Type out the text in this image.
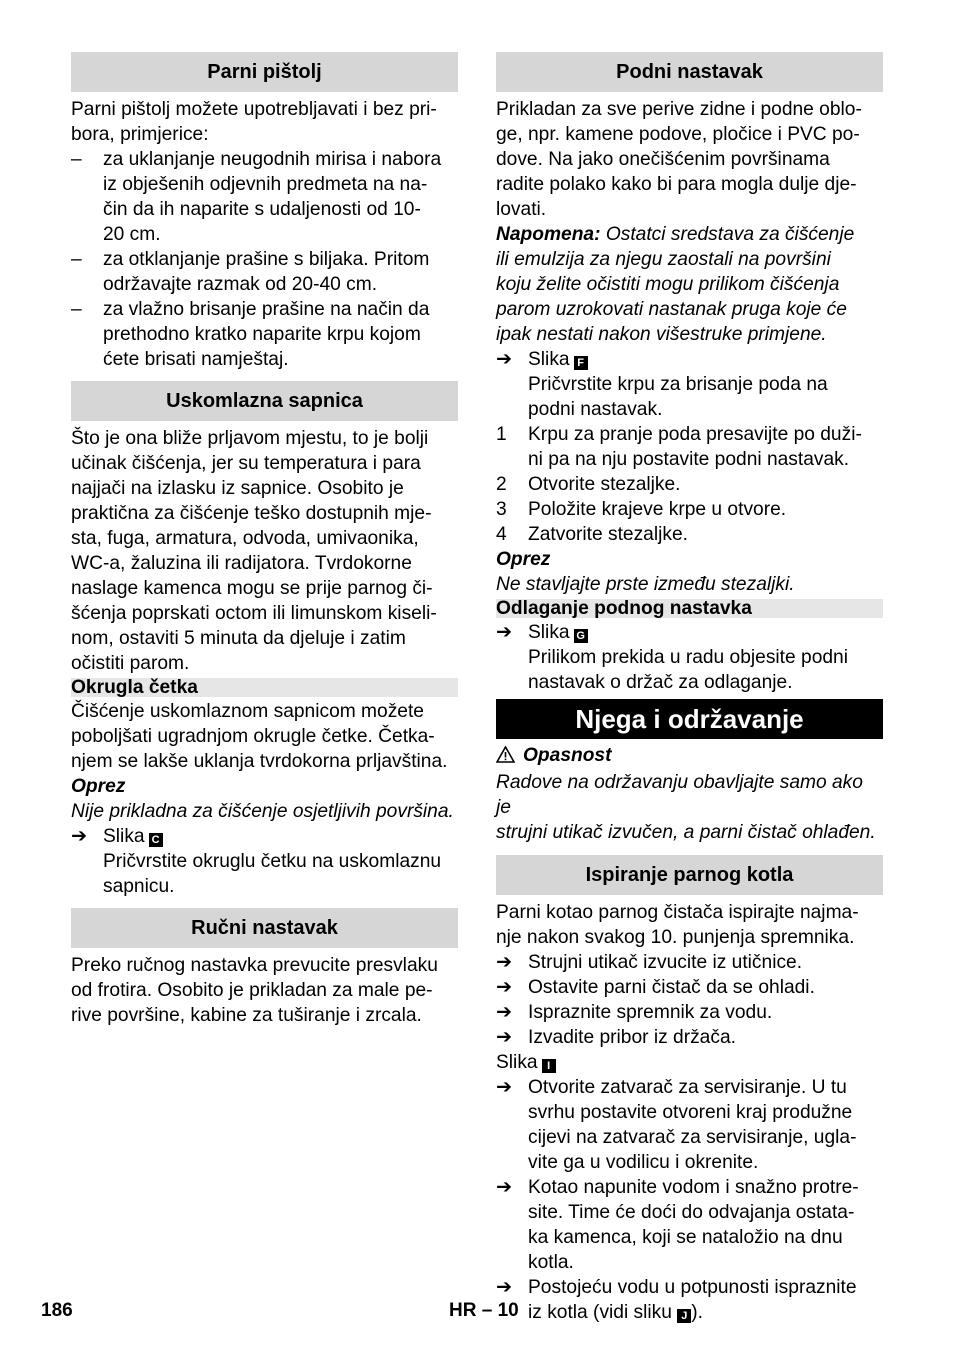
Parni pištolj

Parni pištolj možete upotrebljavati i bez pri-

bora, primjerice:

–	za uklanjanje neugodnih mirisa i nabora

iz obješenih odjevnih predmeta na na-

čin da ih naparite s udaljenosti od 10-

20 cm.

–	za otklanjanje prašine s biljaka. Pritom

održavajte razmak od 20-40 cm.

–	za vlažno brisanje prašine na način da

prethodno kratko naparite krpu kojom

ćete brisati namještaj.

Uskomlazna sapnica

Što je ona bliže prljavom mjestu, to je bolji

učinak čišćenja, jer su temperatura i para

najjači na izlasku iz sapnice. Osobito je

praktična za čišćenje teško dostupnih mje-

sta, fuga, armatura, odvoda, umivaonika,

WC-a, žaluzina ili radijatora. Tvrdokorne

naslage kamenca mogu se prije parnog či-

šćenja poprskati octom ili limunskom kiseli-

nom, ostaviti 5 minuta da djeluje i zatim

očistiti parom.

Okrugla četka

Čišćenje uskomlaznom sapnicom možete

poboljšati ugradnjom okrugle četke. Četka-

njem se lakše uklanja tvrdokorna prljavština.

Oprez

Nije prikladna za čišćenje osjetljivih površina.

➔ Slika C

Pričvrstite okruglu četku na uskomlaznu

sapnicu.

Ručni nastavak

Preko ručnog nastavka prevucite presvlaku

od frotira. Osobito je prikladan za male pe-

rive površine, kabine za tuširanje i zrcala.

Podni nastavak

Prikladan za sve perive zidne i podne oblo-

ge, npr. kamene podove, pločice i PVC po-

dove. Na jako onečišćenim površinama

radite polako kako bi para mogla dulje dje-

lovati.

Napomena: Ostatci sredstava za čišćenje

ili emulzija za njegu zaostali na površini

koju želite očistiti mogu prilikom čišćenja

parom uzrokovati nastanak pruga koje će

ipak nestati nakon višestruke primjene.

➔ Slika F

Pričvrstite krpu za brisanje poda na

podni nastavak.

1	Krpu za pranje poda presavijte po duži-

ni pa na nju postavite podni nastavak.

2	Otvorite stezaljke.

3	Položite krajeve krpe u otvore.

4	Zatvorite stezaljke.

Oprez

Ne stavljajte prste između stezaljki.

Odlaganje podnog nastavka
➔ Slika G

Prilikom prekida u radu objesite podni

nastavak o držač za odlaganje.

Njega i održavanje

Opasnost

Radove na održavanju obavljajte samo ako je

strujni utikač izvučen, a parni čistač ohlađen.

Ispiranje parnog kotla

Parni kotao parnog čistača ispirajte najma-

nje nakon svakog 10. punjenja spremnika.

➔ Strujni utikač izvucite iz utičnice.
➔ Ostavite parni čistač da se ohladi.
➔ Ispraznite spremnik za vodu.
➔ Izvadite pribor iz držača.

Slika I

➔ Otvorite zatvarač za servisiranje. U tu

svrhu postavite otvoreni kraj produžne

cijevi na zatvarač za servisiranje, ugla-

vite ga u vodilicu i okrenite.

➔ Kotao napunite vodom i snažno protre-

site. Time će doći do odvajanja ostata-

ka kamenca, koji se nataložio na dnu

kotla.

➔ Postojeću vodu u potpunosti ispraznite

iz kotla (vidi sliku J ).

186	HR – 10
